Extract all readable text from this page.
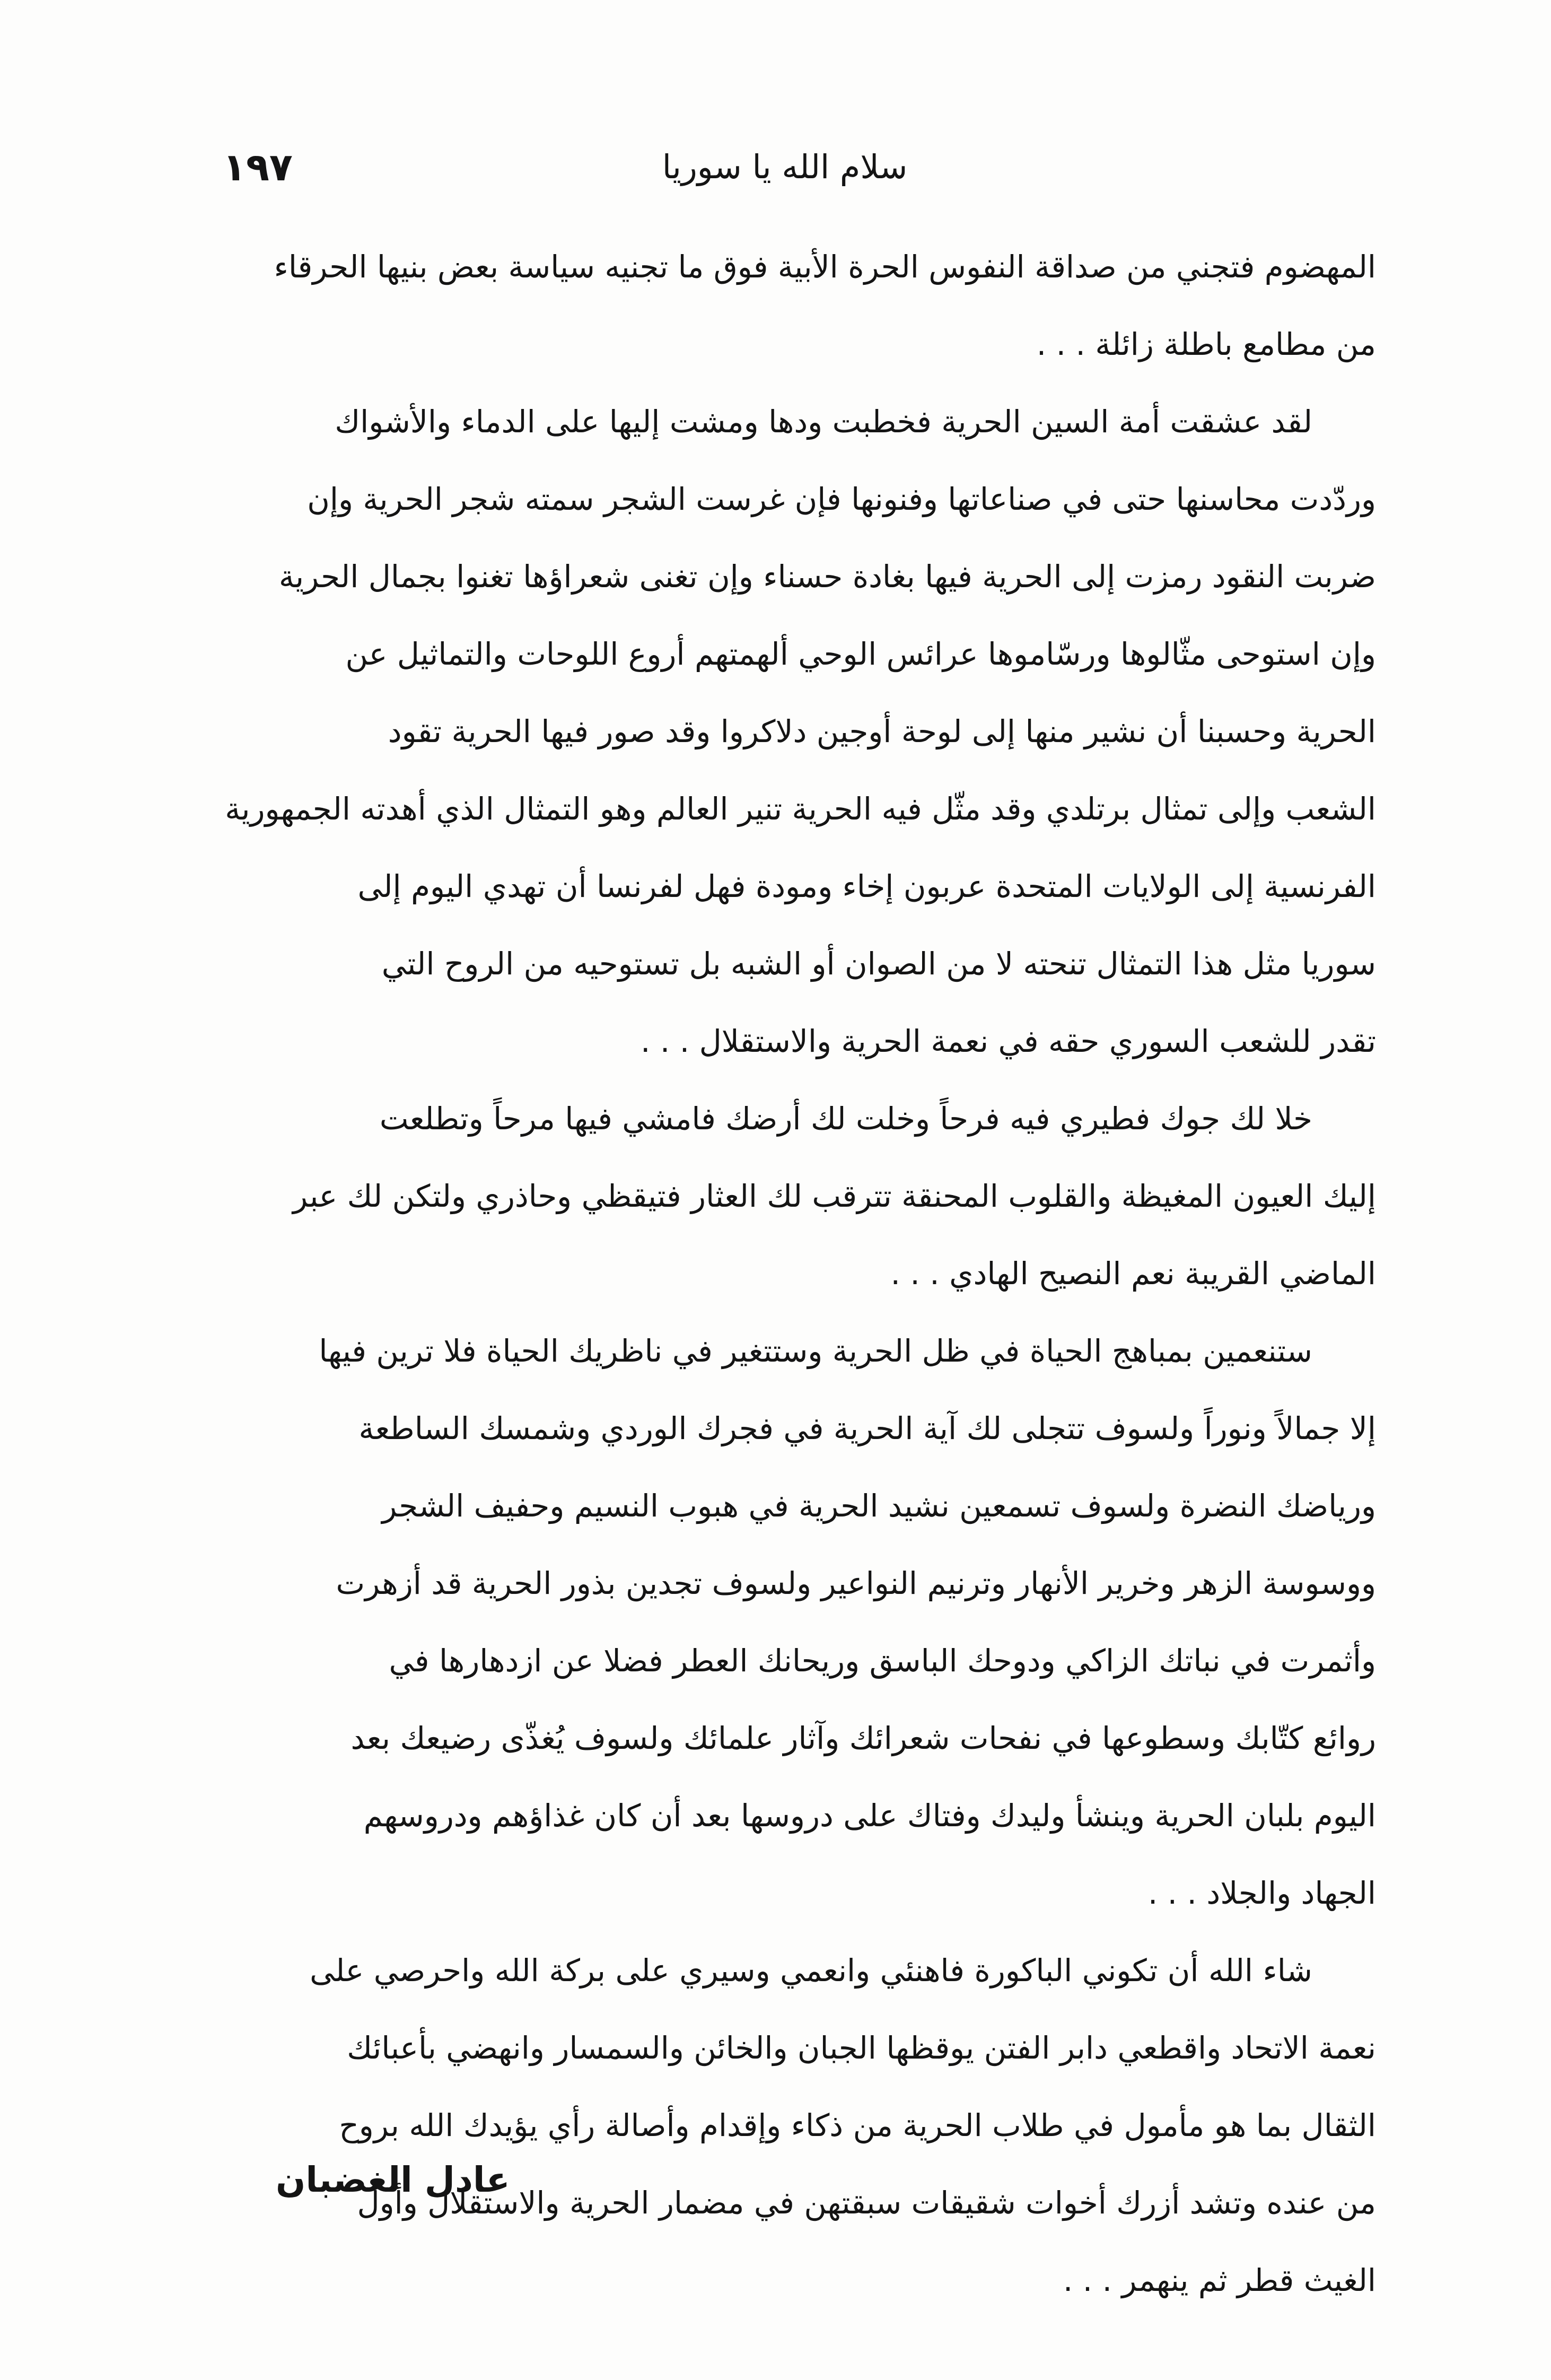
سلام الله يا سوريا
١٩٧

المهضوم فتجني من صداقة النفوس الحرة الأبية فوق ما تجنيه سياسة بعض بنيها الحرقاء
من مطامع باطلة زائلة . . .

لقد عشقت أمة السين الحرية فخطبت ودها ومشت إليها على الدماء والأشواك
وردّدت محاسنها حتى في صناعاتها وفنونها فإن غرست الشجر سمته شجر الحرية وإن
ضربت النقود رمزت إلى الحرية فيها بغادة حسناء وإن تغنى شعراؤها تغنوا بجمال الحرية
وإن استوحى مثّالوها ورسّاموها عرائس الوحي ألهمتهم أروع اللوحات والتماثيل عن
الحرية وحسبنا أن نشير منها إلى لوحة أوجين دلاكروا وقد صور فيها الحرية تقود
الشعب وإلى تمثال برتلدي وقد مثّل فيه الحرية تنير العالم وهو التمثال الذي أهدته الجمهورية
الفرنسية إلى الولايات المتحدة عربون إخاء ومودة فهل لفرنسا أن تهدي اليوم إلى
سوريا مثل هذا التمثال تنحته لا من الصوان أو الشبه بل تستوحيه من الروح التي
تقدر للشعب السوري حقه في نعمة الحرية والاستقلال . . .

خلا لك جوك فطيري فيه فرحاً وخلت لك أرضك فامشي فيها مرحاً وتطلعت
إليك العيون المغيظة والقلوب المحنقة تترقب لك العثار فتيقظي وحاذري ولتكن لك عبر
الماضي القريبة نعم النصيح الهادي . . .

ستنعمين بمباهج الحياة في ظل الحرية وستتغير في ناظريك الحياة فلا ترين فيها
إلا جمالاً ونوراً ولسوف تتجلى لك آية الحرية في فجرك الوردي وشمسك الساطعة
ورياضك النضرة ولسوف تسمعين نشيد الحرية في هبوب النسيم وحفيف الشجر
ووسوسة الزهر وخرير الأنهار وترنيم النواعير ولسوف تجدين بذور الحرية قد أزهرت
وأثمرت في نباتك الزاكي ودوحك الباسق وريحانك العطر فضلا عن ازدهارها في
روائع كتّابك وسطوعها في نفحات شعرائك وآثار علمائك ولسوف يُغذّى رضيعك بعد
اليوم بلبان الحرية وينشأ وليدك وفتاك على دروسها بعد أن كان غذاؤهم ودروسهم
الجهاد والجلاد . . .

شاء الله أن تكوني الباكورة فاهنئي وانعمي وسيري على بركة الله واحرصي على
نعمة الاتحاد واقطعي دابر الفتن يوقظها الجبان والخائن والسمسار وانهضي بأعبائك
الثقال بما هو مأمول في طلاب الحرية من ذكاء وإقدام وأصالة رأي يؤيدك الله بروح
من عنده وتشد أزرك أخوات شقيقات سبقتهن في مضمار الحرية والاستقلال وأول
الغيث قطر ثم ينهمر . . .

عادل الغضبان
